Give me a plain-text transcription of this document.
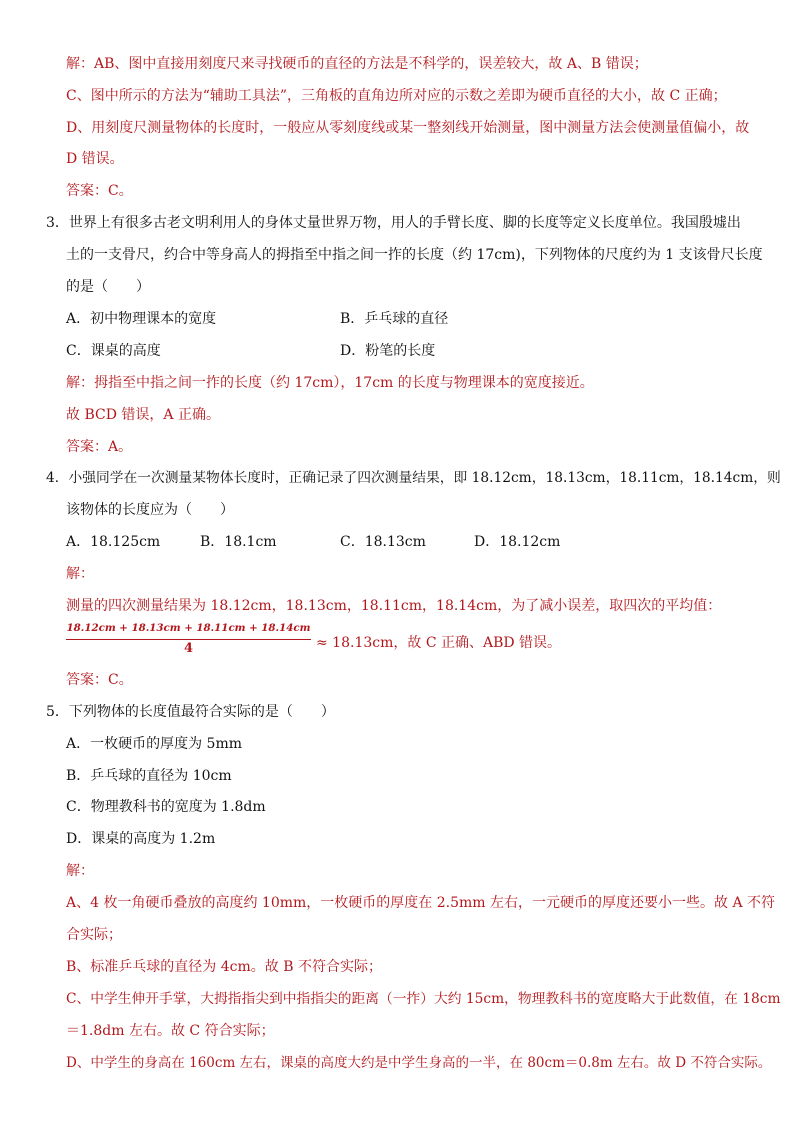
解：AB、图中直接用刻度尺来寻找硬币的直径的方法是不科学的，误差较大，故 A、B 错误；
C、图中所示的方法为“辅助工具法”，三角板的直角边所对应的示数之差即为硬币直径的大小，故 C 正确；
D、用刻度尺测量物体的长度时，一般应从零刻度线或某一整刻线开始测量，图中测量方法会使测量值偏小，故
D 错误。
答案：C。
3．世界上有很多古老文明利用人的身体丈量世界万物，用人的手臂长度、脚的长度等定义长度单位。我国殷墟出
土的一支骨尺，约合中等身高人的拇指至中指之间一拃的长度（约 17cm)，下列物体的尺度约为 1 支该骨尺长度
的是（　　）
A．初中物理课本的宽度	B．乒乓球的直径
C．课桌的高度	D．粉笔的长度
解：拇指至中指之间一拃的长度（约 17cm），17cm 的长度与物理课本的宽度接近。
故 BCD 错误，A 正确。
答案：A。
4．小强同学在一次测量某物体长度时，正确记录了四次测量结果，即 18.12cm，18.13cm，18.11cm，18.14cm，则
该物体的长度应为（　　）
A．18.125cm	B．18.1cm	C．18.13cm	D．18.12cm
解：
测量的四次测量结果为 18.12cm，18.13cm，18.11cm，18.14cm，为了减小误差，取四次的平均值：
18.12cm + 18.13cm + 18.11cm + 18.14cm
4	≈ 18.13cm，故 C 正确、ABD 错误。
答案：C。
5．下列物体的长度值最符合实际的是（　　）
A．一枚硬币的厚度为 5mm
B．乒乓球的直径为 10cm
C．物理教科书的宽度为 1.8dm
D．课桌的高度为 1.2m
解：
A、4 枚一角硬币叠放的高度约 10mm，一枚硬币的厚度在 2.5mm 左右，一元硬币的厚度还要小一些。故 A 不符
合实际；
B、标准乒乓球的直径为 4cm。故 B 不符合实际；
C、中学生伸开手掌，大拇指指尖到中指指尖的距离（一拃）大约 15cm，物理教科书的宽度略大于此数值，在 18cm
＝1.8dm 左右。故 C 符合实际；
D、中学生的身高在 160cm 左右，课桌的高度大约是中学生身高的一半，在 80cm＝0.8m 左右。故 D 不符合实际。
